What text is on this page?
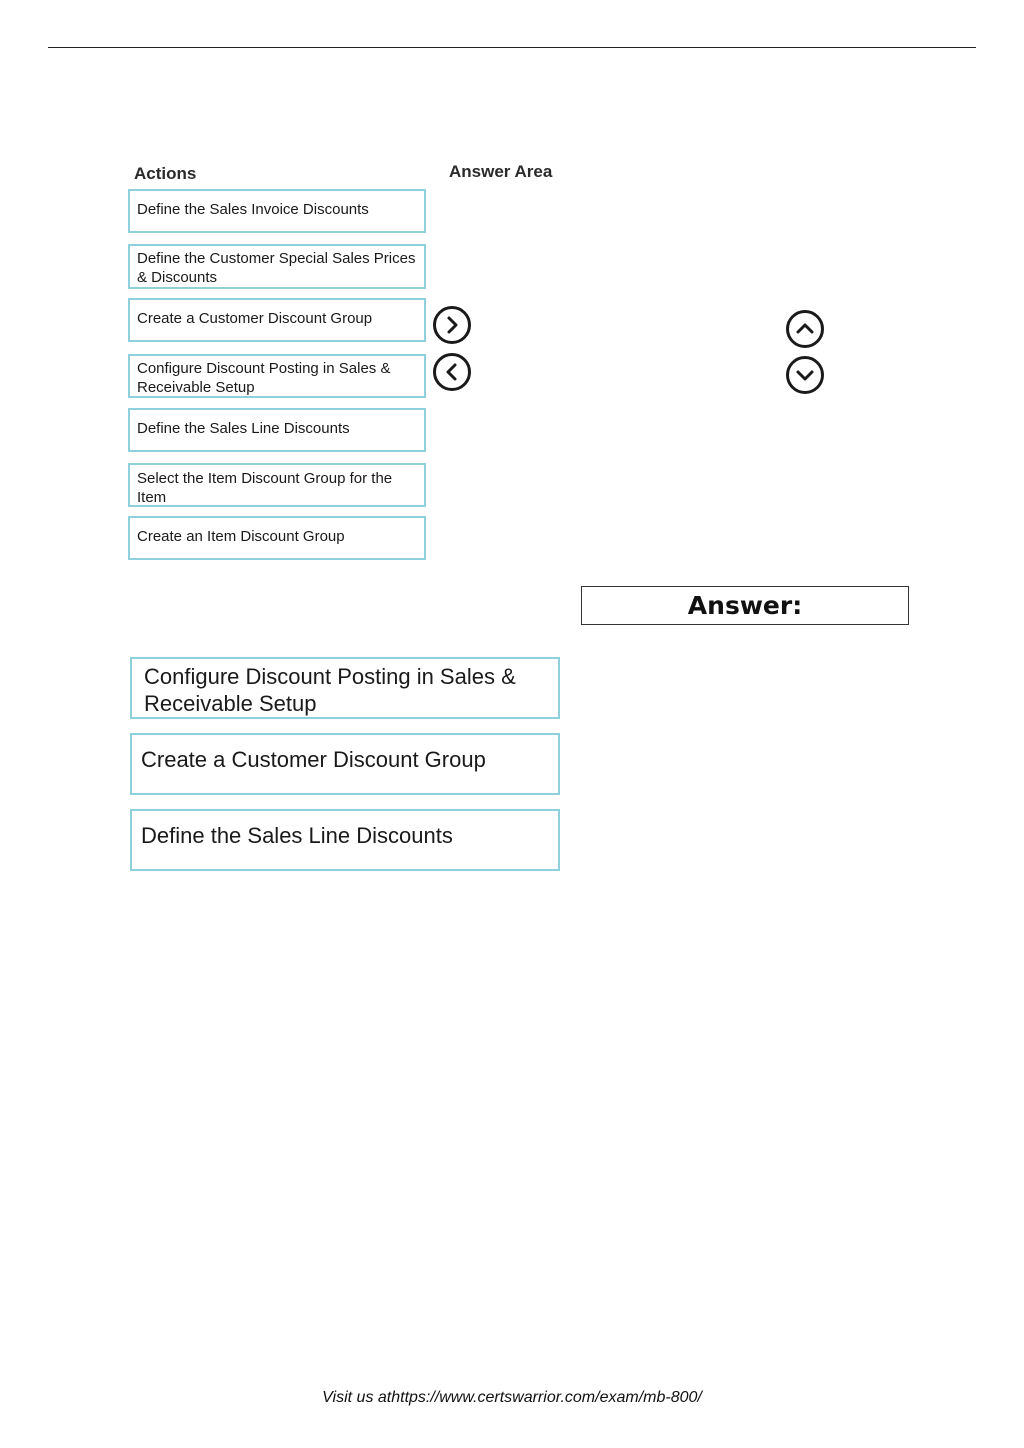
Actions	Answer Area
Define the Sales Invoice Discounts
Define the Customer Special Sales Prices & Discounts
Create a Customer Discount Group
Configure Discount Posting in Sales & Receivable Setup
Define the Sales Line Discounts
Select the Item Discount Group for the Item
Create an Item Discount Group
Answer:
Configure Discount Posting in Sales & Receivable Setup
Create a Customer Discount Group
Define the Sales Line Discounts
Visit us athttps://www.certswarrior.com/exam/mb-800/
